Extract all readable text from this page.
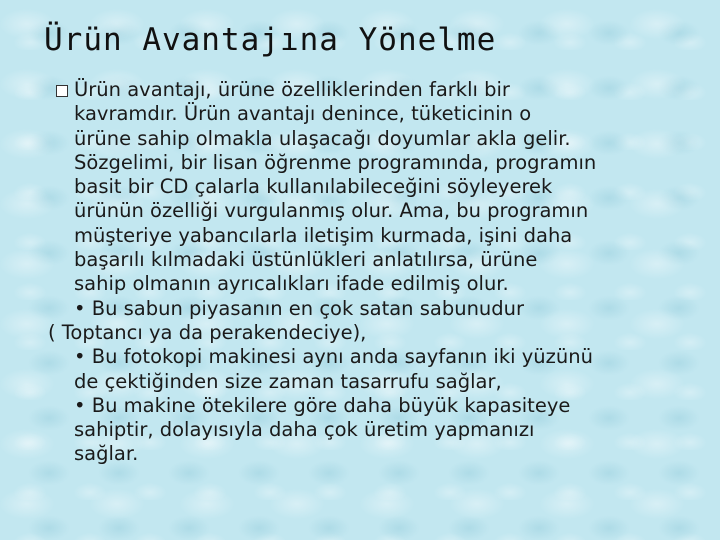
Ürün Avantajına Yönelme
Ürün avantajı, ürüne özelliklerinden farklı bir
kavramdır. Ürün avantajı denince, tüketicinin o
ürüne sahip olmakla ulaşacağı doyumlar akla gelir.
Sözgelimi, bir lisan öğrenme programında, programın
basit bir CD çalarla kullanılabileceğini söyleyerek
ürünün özelliği vurgulanmış olur. Ama, bu programın
müşteriye yabancılarla iletişim kurmada, işini daha
başarılı kılmadaki üstünlükleri anlatılırsa, ürüne
sahip olmanın ayrıcalıkları ifade edilmiş olur.
• Bu sabun piyasanın en çok satan sabunudur
( Toptancı ya da perakendeciye),
• Bu fotokopi makinesi aynı anda sayfanın iki yüzünü
de çektiğinden size zaman tasarrufu sağlar,
• Bu makine ötekilere göre daha büyük kapasiteye
sahiptir, dolayısıyla daha çok üretim yapmanızı
sağlar.
